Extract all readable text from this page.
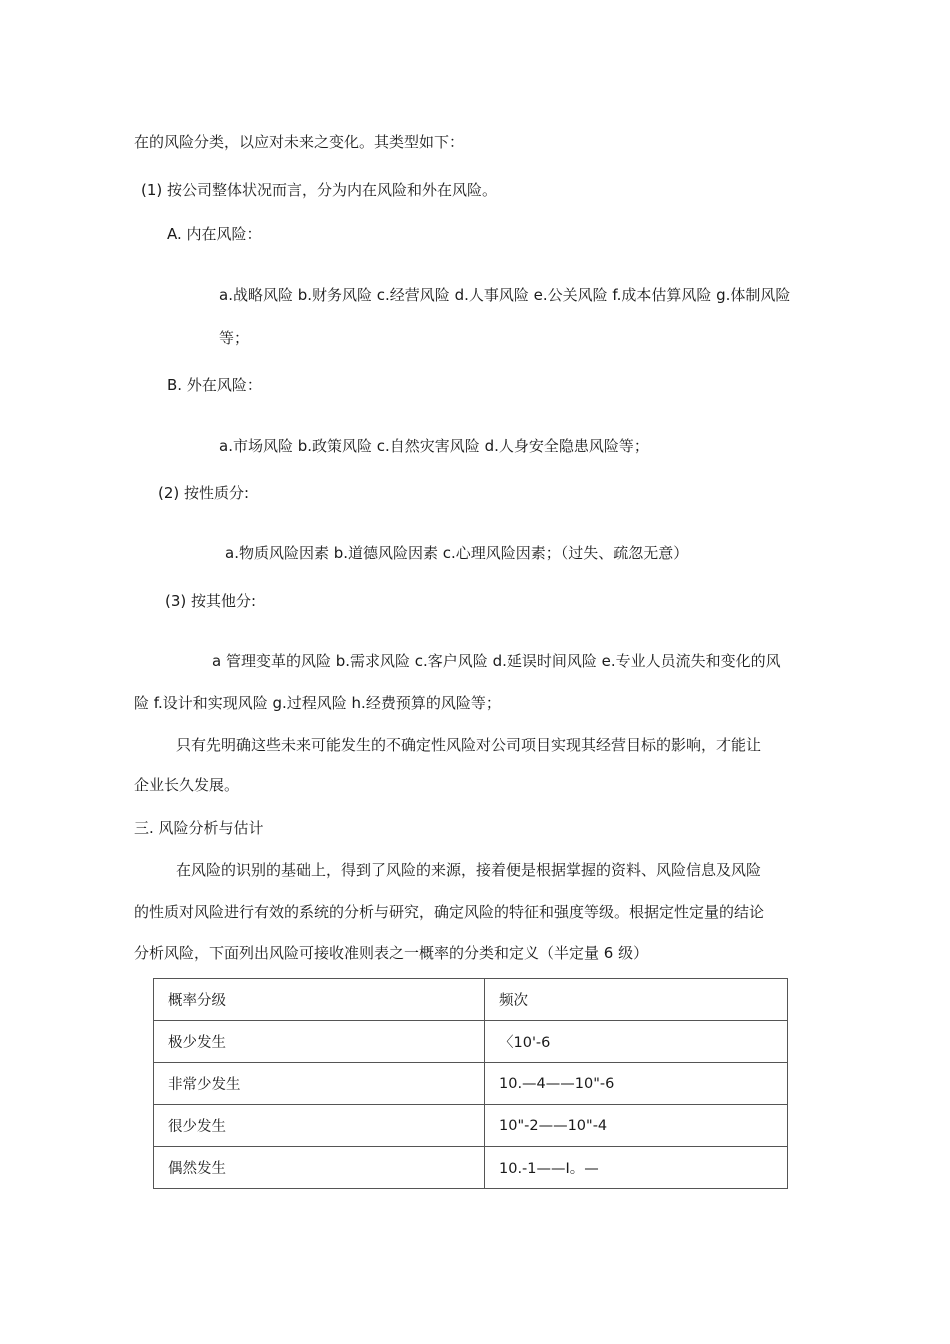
在的风险分类，以应对未来之变化。其类型如下：
(1) 按公司整体状况而言，分为内在风险和外在风险。
A. 内在风险：
a.战略风险 b.财务风险 c.经营风险 d.人事风险 e.公关风险 f.成本估算风险 g.体制风险
等；
B. 外在风险：
a.市场风险 b.政策风险 c.自然灾害风险 d.人身安全隐患风险等；
(2) 按性质分:
a.物质风险因素 b.道德风险因素 c.心理风险因素；（过失、疏忽无意）
(3) 按其他分:
a 管理变革的风险 b.需求风险 c.客户风险 d.延误时间风险 e.专业人员流失和变化的风
险 f.设计和实现风险 g.过程风险 h.经费预算的风险等；
只有先明确这些未来可能发生的不确定性风险对公司项目实现其经营目标的影响，才能让
企业长久发展。
三. 风险分析与估计
在风险的识别的基础上，得到了风险的来源，接着便是根据掌握的资料、风险信息及风险
的性质对风险进行有效的系统的分析与研究，确定风险的特征和强度等级。根据定性定量的结论
分析风险，下面列出风险可接收准则表之一概率的分类和定义（半定量 6 级）
概率分级	频次
极少发生	〈10'-6
非常少发生	10.—4——10"-6
很少发生	10"-2——10"-4
偶然发生	10.-1——I。—
